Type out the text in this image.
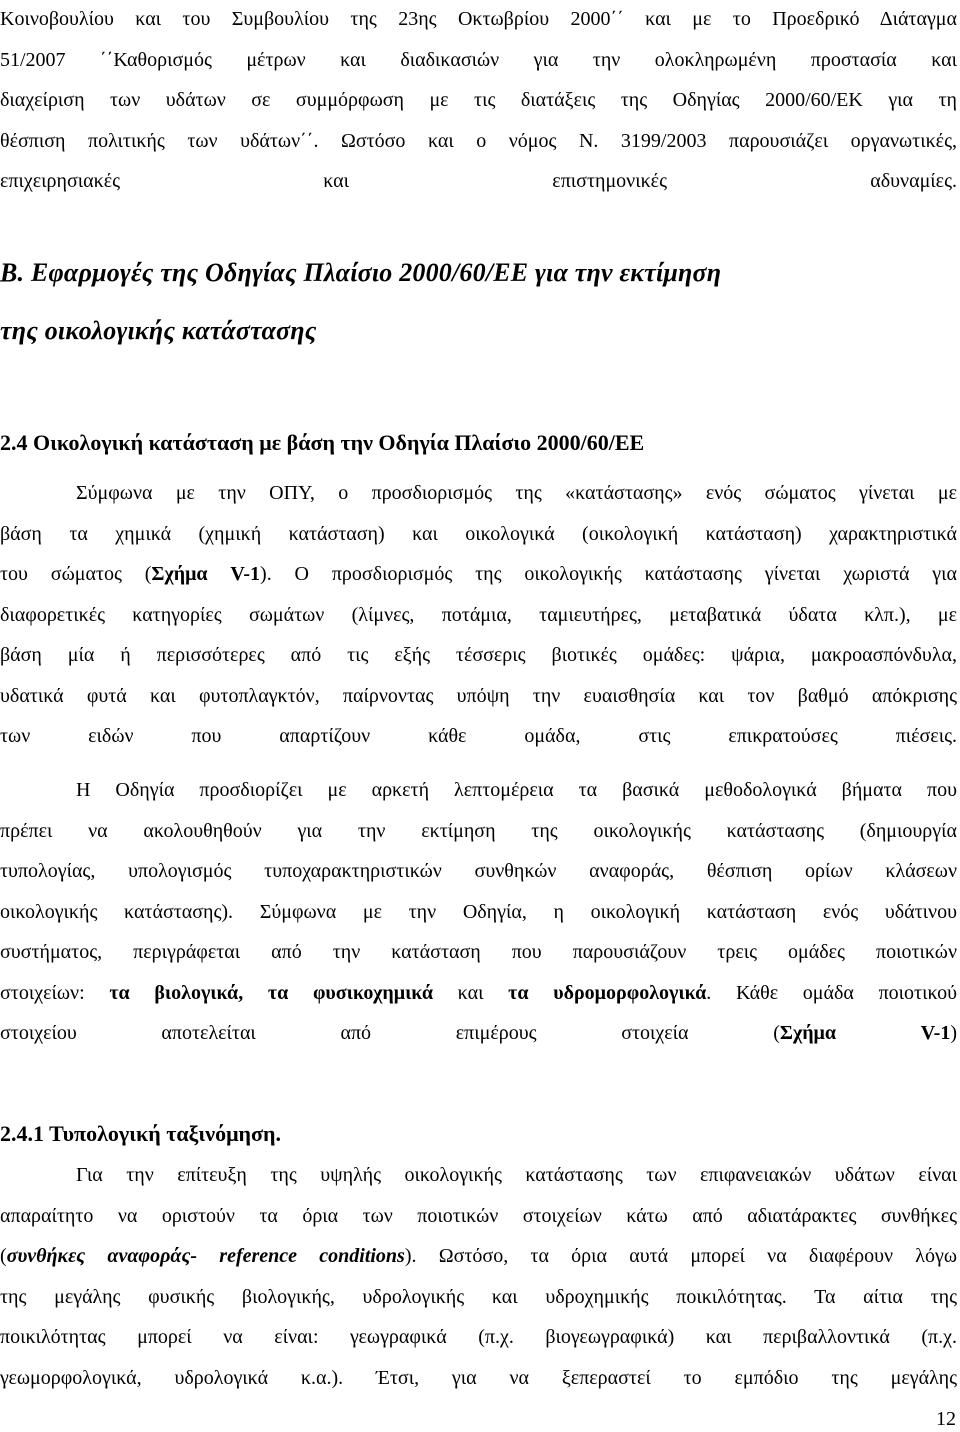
Κοινοβουλίου και του Συμβουλίου της 23ης Οκτωβρίου 2000΄΄ και με το Προεδρικό Διάταγμα
51/2007 ΄΄Καθορισμός μέτρων και διαδικασιών για την ολοκληρωμένη προστασία και
διαχείριση των υδάτων σε συμμόρφωση με τις διατάξεις της Οδηγίας 2000/60/ΕΚ για τη
θέσπιση πολιτικής των υδάτων΄΄. Ωστόσο και ο νόμος Ν. 3199/2003 παρουσιάζει οργανωτικές,
επιχειρησιακές και επιστημονικές αδυναμίες.
Β. Εφαρμογές της Οδηγίας Πλαίσιο 2000/60/ΕΕ για την εκτίμηση
της οικολογικής κατάστασης
2.4 Οικολογική κατάσταση με βάση την Οδηγία Πλαίσιο 2000/60/ΕΕ
Σύμφωνα με την ΟΠΥ, ο προσδιορισμός της «κατάστασης» ενός σώματος γίνεται με
βάση τα χημικά (χημική κατάσταση) και οικολογικά (οικολογική κατάσταση) χαρακτηριστικά
του σώματος (Σχήμα V-1). Ο προσδιορισμός της οικολογικής κατάστασης γίνεται χωριστά για
διαφορετικές κατηγορίες σωμάτων (λίμνες, ποτάμια, ταμιευτήρες, μεταβατικά ύδατα κλπ.), με
βάση μία ή περισσότερες από τις εξής τέσσερις βιοτικές ομάδες: ψάρια, μακροασπόνδυλα,
υδατικά φυτά και φυτοπλαγκτόν, παίρνοντας υπόψη την ευαισθησία και τον βαθμό απόκρισης
των ειδών που απαρτίζουν κάθε ομάδα, στις επικρατούσες πιέσεις.
Η Οδηγία προσδιορίζει με αρκετή λεπτομέρεια τα βασικά μεθοδολογικά βήματα που
πρέπει να ακολουθηθούν για την εκτίμηση της οικολογικής κατάστασης (δημιουργία
τυπολογίας, υπολογισμός τυποχαρακτηριστικών συνθηκών αναφοράς, θέσπιση ορίων κλάσεων
οικολογικής κατάστασης). Σύμφωνα με την Οδηγία, η οικολογική κατάσταση ενός υδάτινου
συστήματος, περιγράφεται από την κατάσταση που παρουσιάζουν τρεις ομάδες ποιοτικών
στοιχείων: τα βιολογικά, τα φυσικοχημικά και τα υδρομορφολογικά. Κάθε ομάδα ποιοτικού
στοιχείου αποτελείται από επιμέρους στοιχεία (Σχήμα V-1)
2.4.1 Τυπολογική ταξινόμηση.
Για την επίτευξη της υψηλής οικολογικής κατάστασης των επιφανειακών υδάτων είναι
απαραίτητο να οριστούν τα όρια των ποιοτικών στοιχείων κάτω από αδιατάρακτες συνθήκες
(συνθήκες αναφοράς- reference conditions). Ωστόσο, τα όρια αυτά μπορεί να διαφέρουν λόγω
της μεγάλης φυσικής βιολογικής, υδρολογικής και υδροχημικής ποικιλότητας. Τα αίτια της
ποικιλότητας μπορεί να είναι: γεωγραφικά (π.χ. βιογεωγραφικά) και περιβαλλοντικά (π.χ.
γεωμορφολογικά, υδρολογικά κ.α.). Έτσι, για να ξεπεραστεί το εμπόδιο της μεγάλης
12
